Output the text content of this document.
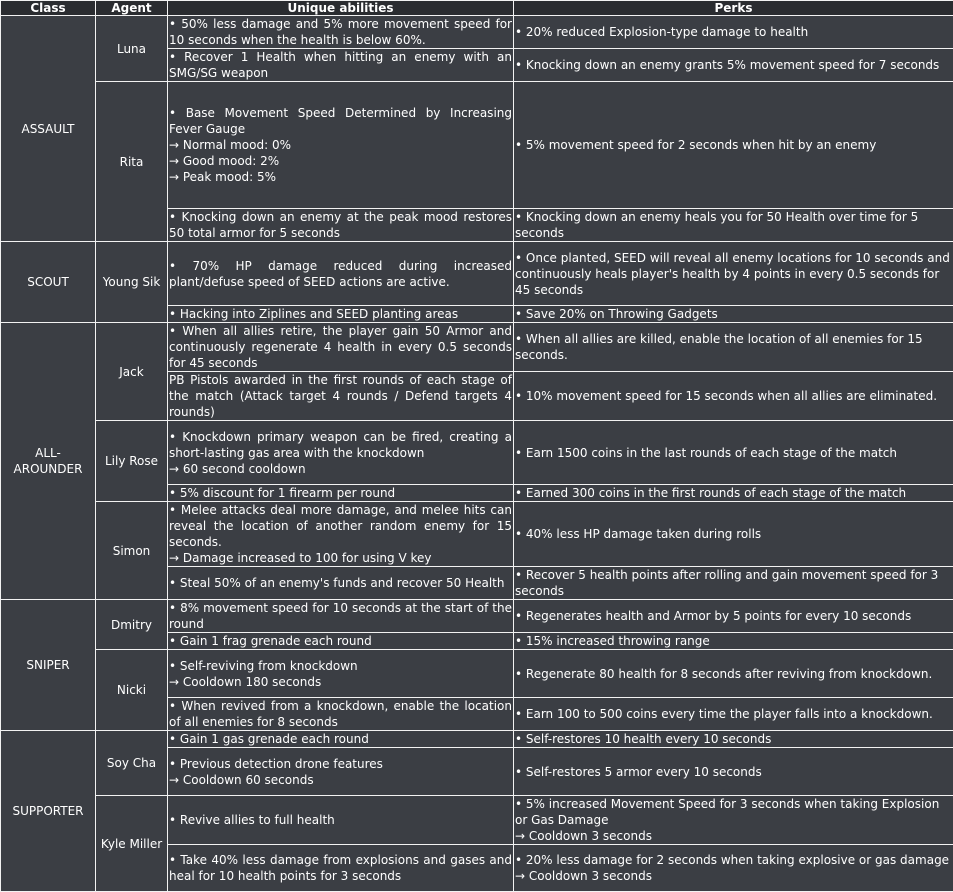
Class	Agent	Unique abilities	Perks
ASSAULT	Luna	• 50% less damage and 5% more movement speed for 10 seconds when the health is below 60%.	• 20% reduced Explosion-type damage to health
		• Recover 1 Health when hitting an enemy with an SMG/SG weapon	• Knocking down an enemy grants 5% movement speed for 7 seconds
	Rita	• Base Movement Speed Determined by Increasing Fever Gauge
→ Normal mood: 0%
→ Good mood: 2%
→ Peak mood: 5%	• 5% movement speed for 2 seconds when hit by an enemy
		• Knocking down an enemy at the peak mood restores 50 total armor for 5 seconds	• Knocking down an enemy heals you for 50 Health over time for 5 seconds
SCOUT	Young Sik	• 70% HP damage reduced during increased plant/defuse speed of SEED actions are active.	• Once planted, SEED will reveal all enemy locations for 10 seconds and continuously heals player's health by 4 points in every 0.5 seconds for 45 seconds
		• Hacking into Ziplines and SEED planting areas	• Save 20% on Throwing Gadgets
ALL-AROUNDER	Jack	• When all allies retire, the player gain 50 Armor and continuously regenerate 4 health in every 0.5 seconds for 45 seconds	• When all allies are killed, enable the location of all enemies for 15 seconds.
		PB Pistols awarded in the first rounds of each stage of the match (Attack target 4 rounds / Defend targets 4 rounds)	• 10% movement speed for 15 seconds when all allies are eliminated.
	Lily Rose	• Knockdown primary weapon can be fired, creating a short-lasting gas area with the knockdown
→ 60 second cooldown	• Earn 1500 coins in the last rounds of each stage of the match
		• 5% discount for 1 firearm per round	• Earned 300 coins in the first rounds of each stage of the match
	Simon	• Melee attacks deal more damage, and melee hits can reveal the location of another random enemy for 15 seconds.
→ Damage increased to 100 for using V key	• 40% less HP damage taken during rolls
		• Steal 50% of an enemy's funds and recover 50 Health	• Recover 5 health points after rolling and gain movement speed for 3 seconds
SNIPER	Dmitry	• 8% movement speed for 10 seconds at the start of the round	• Regenerates health and Armor by 5 points for every 10 seconds
		• Gain 1 frag grenade each round	• 15% increased throwing range
	Nicki	• Self-reviving from knockdown
→ Cooldown 180 seconds	• Regenerate 80 health for 8 seconds after reviving from knockdown.
		• When revived from a knockdown, enable the location of all enemies for 8 seconds	• Earn 100 to 500 coins every time the player falls into a knockdown.
SUPPORTER	Soy Cha	• Gain 1 gas grenade each round	• Self-restores 10 health every 10 seconds

		• Previous detection drone features
→ Cooldown 60 seconds	• Self-restores 5 armor every 10 seconds
	Kyle Miller	• Revive allies to full health	• 5% increased Movement Speed for 3 seconds when taking Explosion or Gas Damage
→ Cooldown 3 seconds

		• Take 40% less damage from explosions and gases and heal for 10 health points for 3 seconds	• 20% less damage for 2 seconds when taking explosive or gas damage
→ Cooldown 3 seconds
